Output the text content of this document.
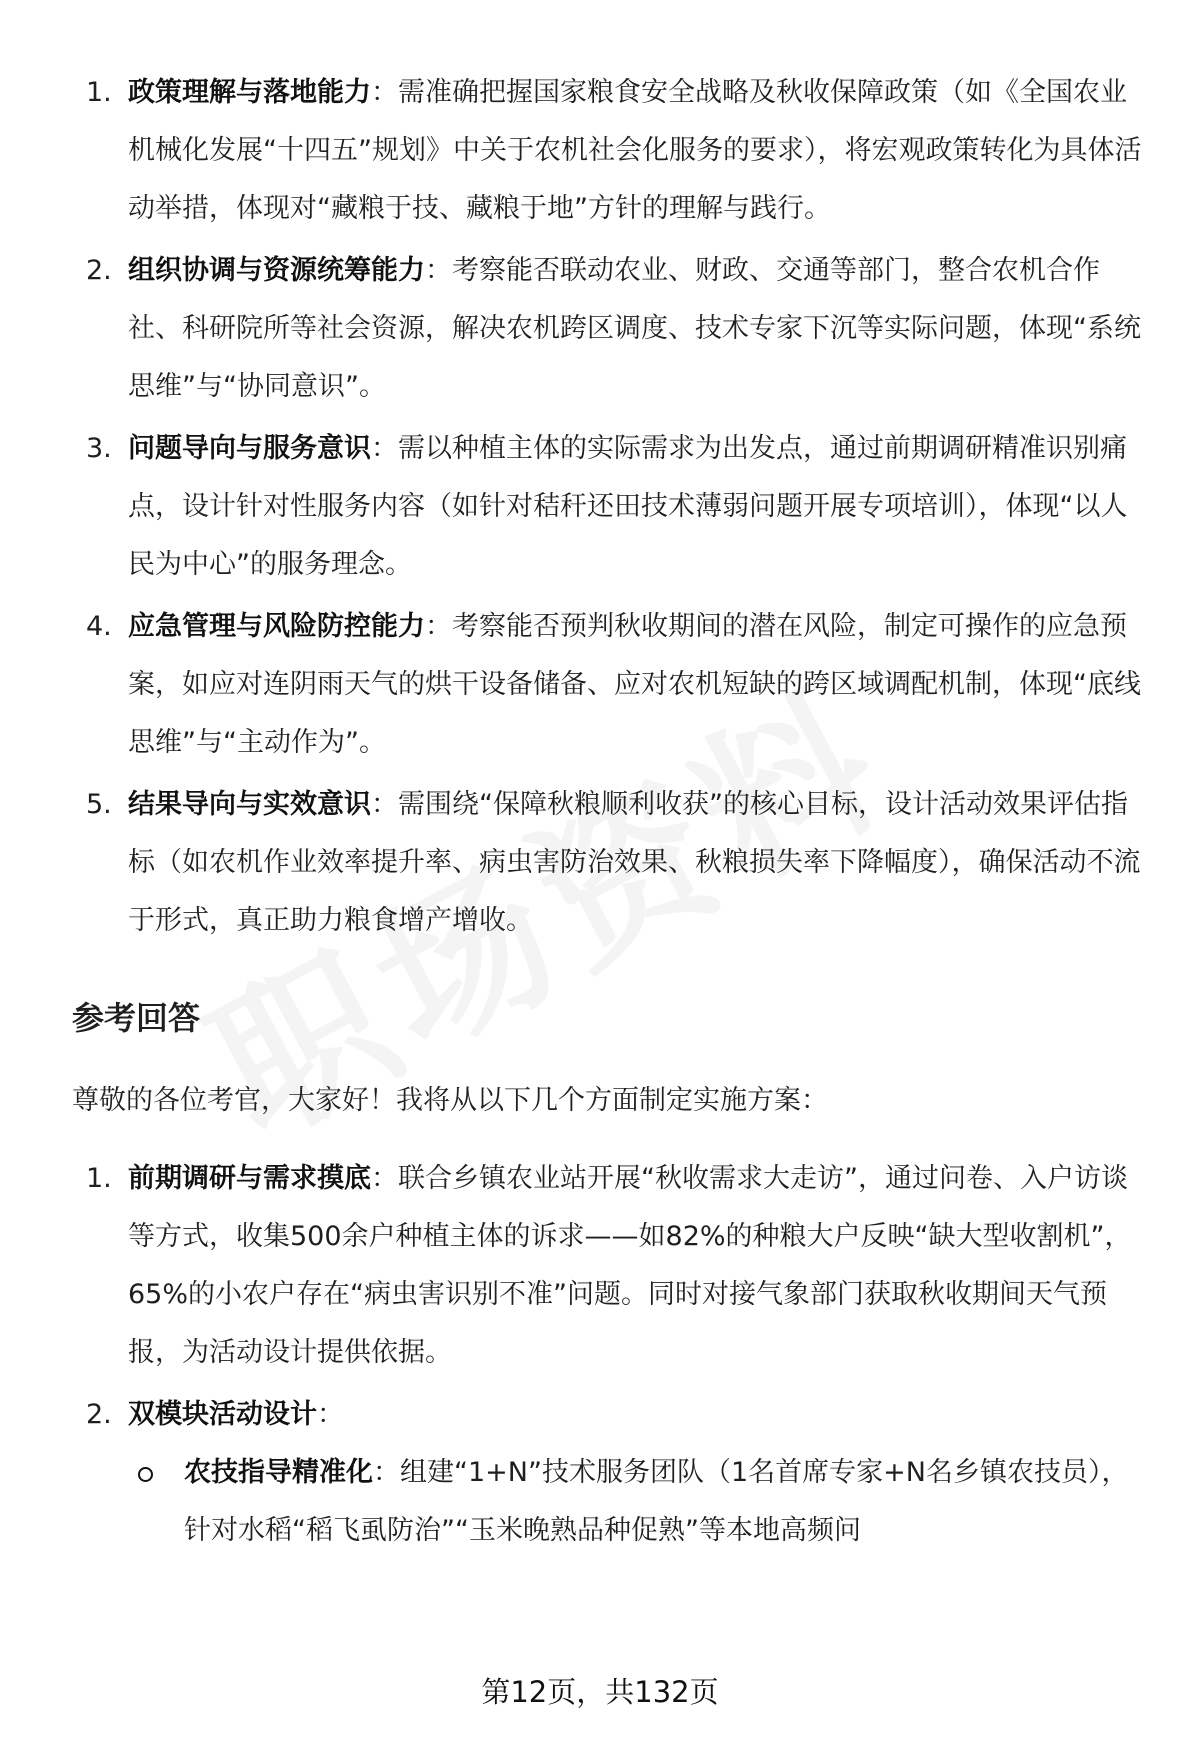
1. 政策理解与落地能力：需准确把握国家粮食安全战略及秋收保障政策（如《全国农业机械化发展“十四五”规划》中关于农机社会化服务的要求），将宏观政策转化为具体活动举措，体现对“藏粮于技、藏粮于地”方针的理解与践行。
2. 组织协调与资源统筹能力：考察能否联动农业、财政、交通等部门，整合农机合作社、科研院所等社会资源，解决农机跨区调度、技术专家下沉等实际问题，体现“系统思维”与“协同意识”。
3. 问题导向与服务意识：需以种植主体的实际需求为出发点，通过前期调研精准识别痛点，设计针对性服务内容（如针对秸秆还田技术薄弱问题开展专项培训），体现“以人民为中心”的服务理念。
4. 应急管理与风险防控能力：考察能否预判秋收期间的潜在风险，制定可操作的应急预案，如应对连阴雨天气的烘干设备储备、应对农机短缺的跨区域调配机制，体现“底线思维”与“主动作为”。
5. 结果导向与实效意识：需围绕“保障秋粮顺利收获”的核心目标，设计活动效果评估指标（如农机作业效率提升率、病虫害防治效果、秋粮损失率下降幅度），确保活动不流于形式，真正助力粮食增产增收。
参考回答

尊敬的各位考官，大家好！我将从以下几个方面制定实施方案：

1. 前期调研与需求摸底：联合乡镇农业站开展“秋收需求大走访”，通过问卷、入户访谈等方式，收集500余户种植主体的诉求——如82%的种粮大户反映“缺大型收割机”，65%的小农户存在“病虫害识别不准”问题。同时对接气象部门获取秋收期间天气预报，为活动设计提供依据。
2. 双模块活动设计：
农技指导精准化：组建“1+N”技术服务团队（1名首席专家+N名乡镇农技员），针对水稻“稻飞虱防治”“玉米晚熟品种促熟”等本地高频问
第12页，共132页
